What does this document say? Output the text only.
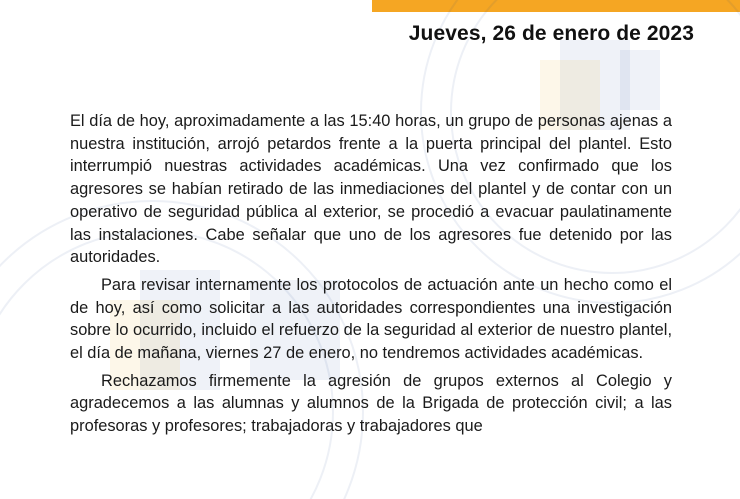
Jueves, 26 de enero de 2023

El día de hoy, aproximadamente a las 15:40 horas, un grupo de personas ajenas a nuestra institución, arrojó petardos frente a la puerta principal del plantel. Esto interrumpió nuestras actividades académicas. Una vez confirmado que los agresores se habían retirado de las inmediaciones del plantel y de contar con un operativo de seguridad pública al exterior, se procedió a evacuar paulatinamente las instalaciones. Cabe señalar que uno de los agresores fue detenido por las autoridades.

Para revisar internamente los protocolos de actuación ante un hecho como el de hoy, así como solicitar a las autoridades correspondientes una investigación sobre lo ocurrido, incluido el refuerzo de la seguridad al exterior de nuestro plantel, el día de mañana, viernes 27 de enero, no tendremos actividades académicas.

Rechazamos firmemente la agresión de grupos externos al Colegio y agradecemos a las alumnas y alumnos de la Brigada de protección civil; a las profesoras y profesores; trabajadoras y trabajadores que
